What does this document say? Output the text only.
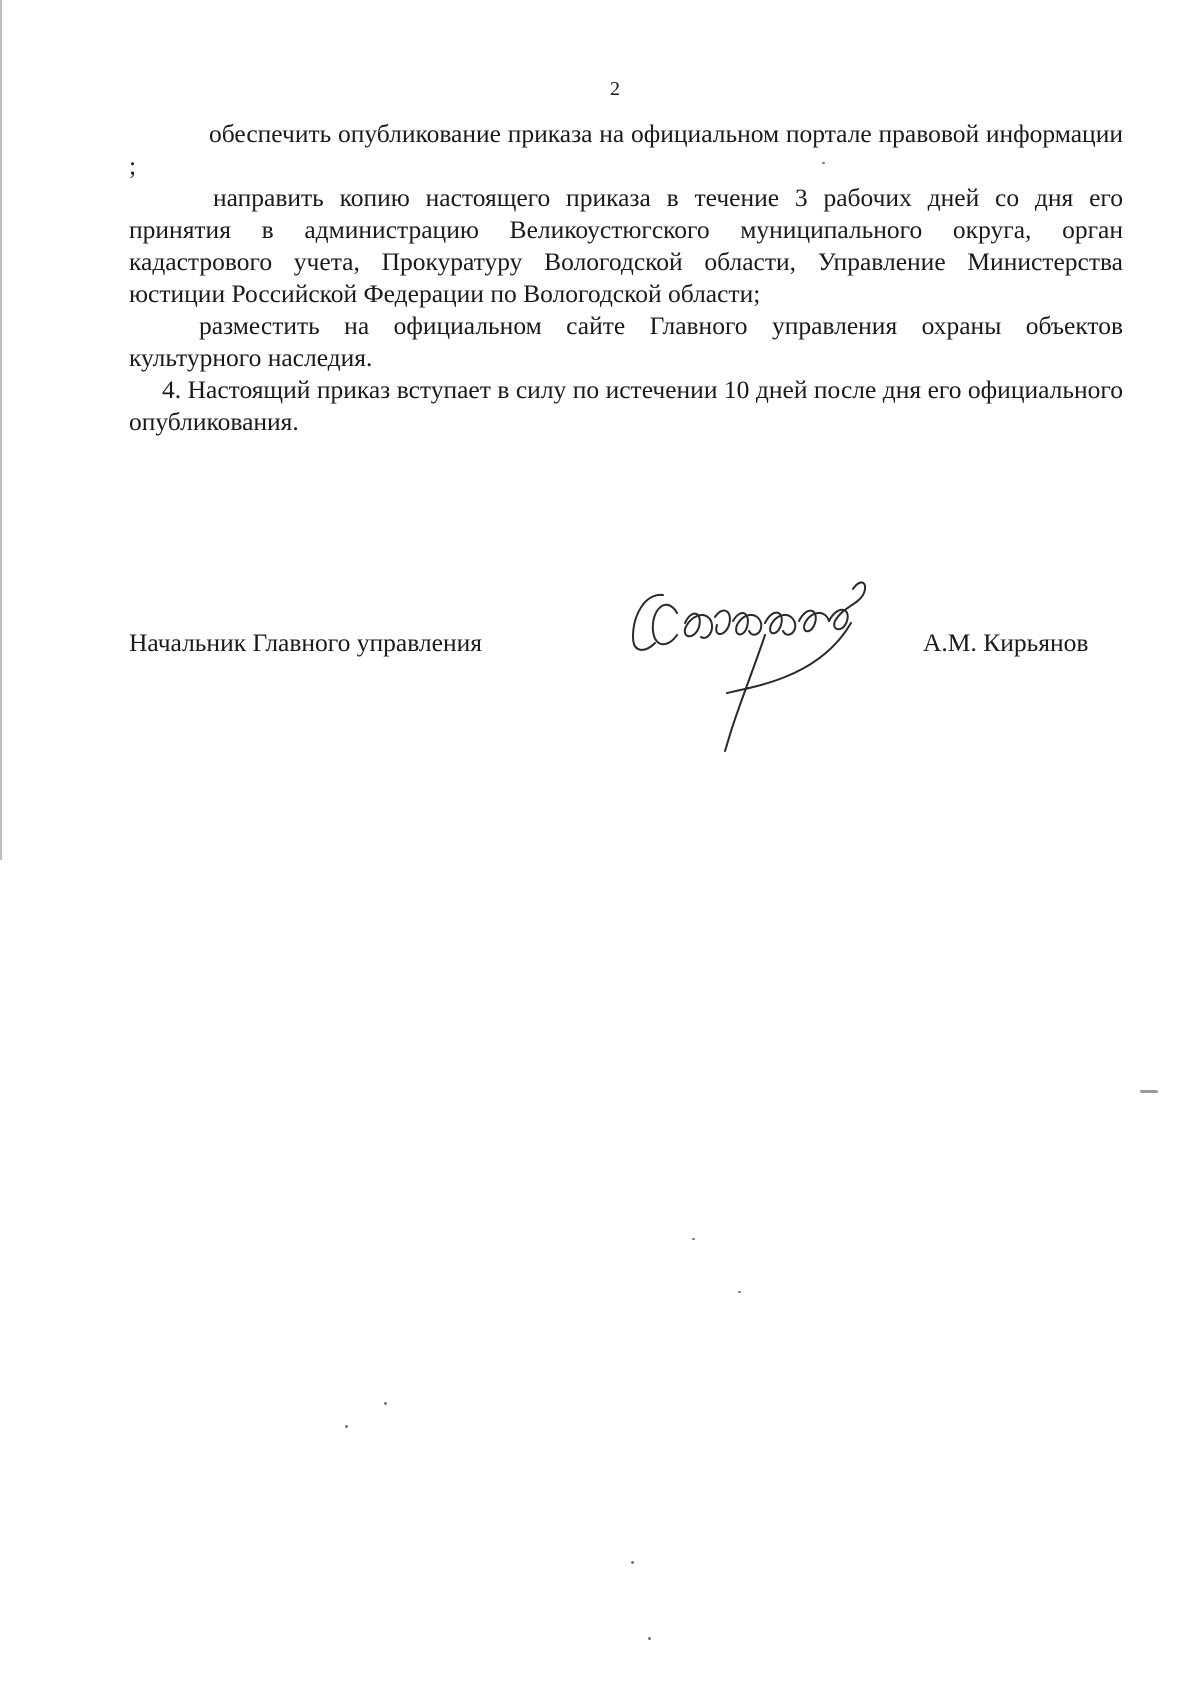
2

обеспечить опубликование приказа на официальном портале правовой информации ;

направить копию настоящего приказа в течение 3 рабочих дней со дня его принятия в администрацию Великоустюгского муниципального округа, орган кадастрового учета, Прокуратуру Вологодской области, Управление Министерства юстиции Российской Федерации по Вологодской области;

разместить на официальном сайте Главного управления охраны объектов культурного наследия.

4. Настоящий приказ вступает в силу по истечении 10 дней после дня его официального опубликования.

Начальник Главного управления	А.М. Кирьянов
